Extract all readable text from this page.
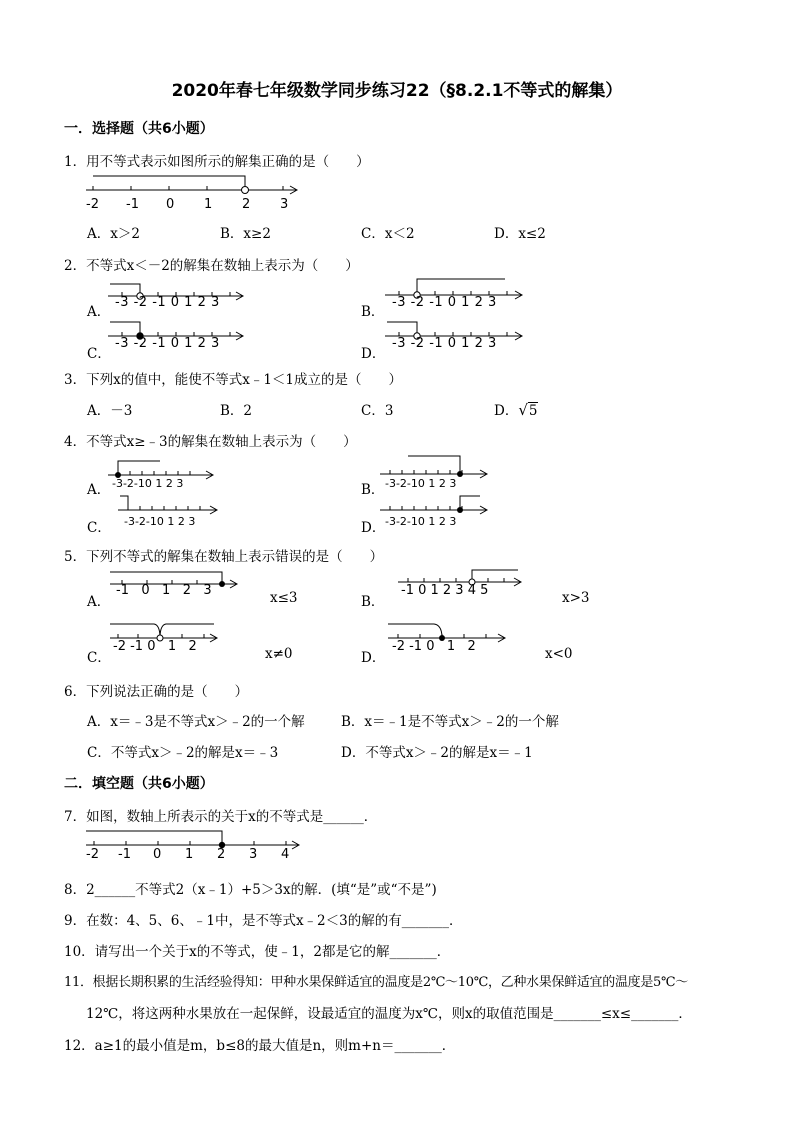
2020年春七年级数学同步练习22（§8.2.1不等式的解集）
一．选择题（共6小题）
1．用不等式表示如图所示的解集正确的是（　　）
-2 -1 0 1 2 3
A．x＞2	B．x≥2	C．x＜2	D．x≤2
2．不等式x＜－2的解集在数轴上表示为（　　）
A．
-3 -2 -1 0 1 2 3
B．
-3 -2 -1 0 1 2 3
C．
-3 -2 -1 0 1 2 3
D．
-3 -2 -1 0 1 2 3
3．下列x的值中，能使不等式x﹣1＜1成立的是（　　）
A．－3	B．2	C．3	D．√5
4．不等式x≥﹣3的解集在数轴上表示为（　　）
A． -3-2-10 1 2 3	B． -3-2-10 1 2 3
C． -3-2-10 1 2 3	D． -3-2-10 1 2 3
5．下列不等式的解集在数轴上表示错误的是（　　）
A．
-1   0   1   2   3	x≤3	B．
-1 0 1 2 3 4 5	x>3
C．
-2 -1 0   1   2	x≠0	D．
-2 -1 0   1   2	x<0
6．下列说法正确的是（　　）
A．x＝﹣3是不等式x＞﹣2的一个解	B．x＝﹣1是不等式x＞﹣2的一个解
C．不等式x＞﹣2的解是x＝﹣3	D．不等式x＞﹣2的解是x＝﹣1
二．填空题（共6小题）
7．如图，数轴上所表示的关于x的不等式是______．
-2 -1 0 1 2 3 4
8．2______不等式2（x﹣1）+5＞3x的解．(填“是”或“不是”)
9．在数：4、5、6、﹣1中，是不等式x﹣2＜3的解的有_______．
10．请写出一个关于x的不等式，使﹣1，2都是它的解_______．
11．根据长期积累的生活经验得知：甲种水果保鲜适宜的温度是2℃～10℃，乙种水果保鲜适宜的温度是5℃～
12℃，将这两种水果放在一起保鲜，设最适宜的温度为x℃，则x的取值范围是_______≤x≤_______．
12．a≥1的最小值是m，b≤8的最大值是n，则m+n＝_______．
